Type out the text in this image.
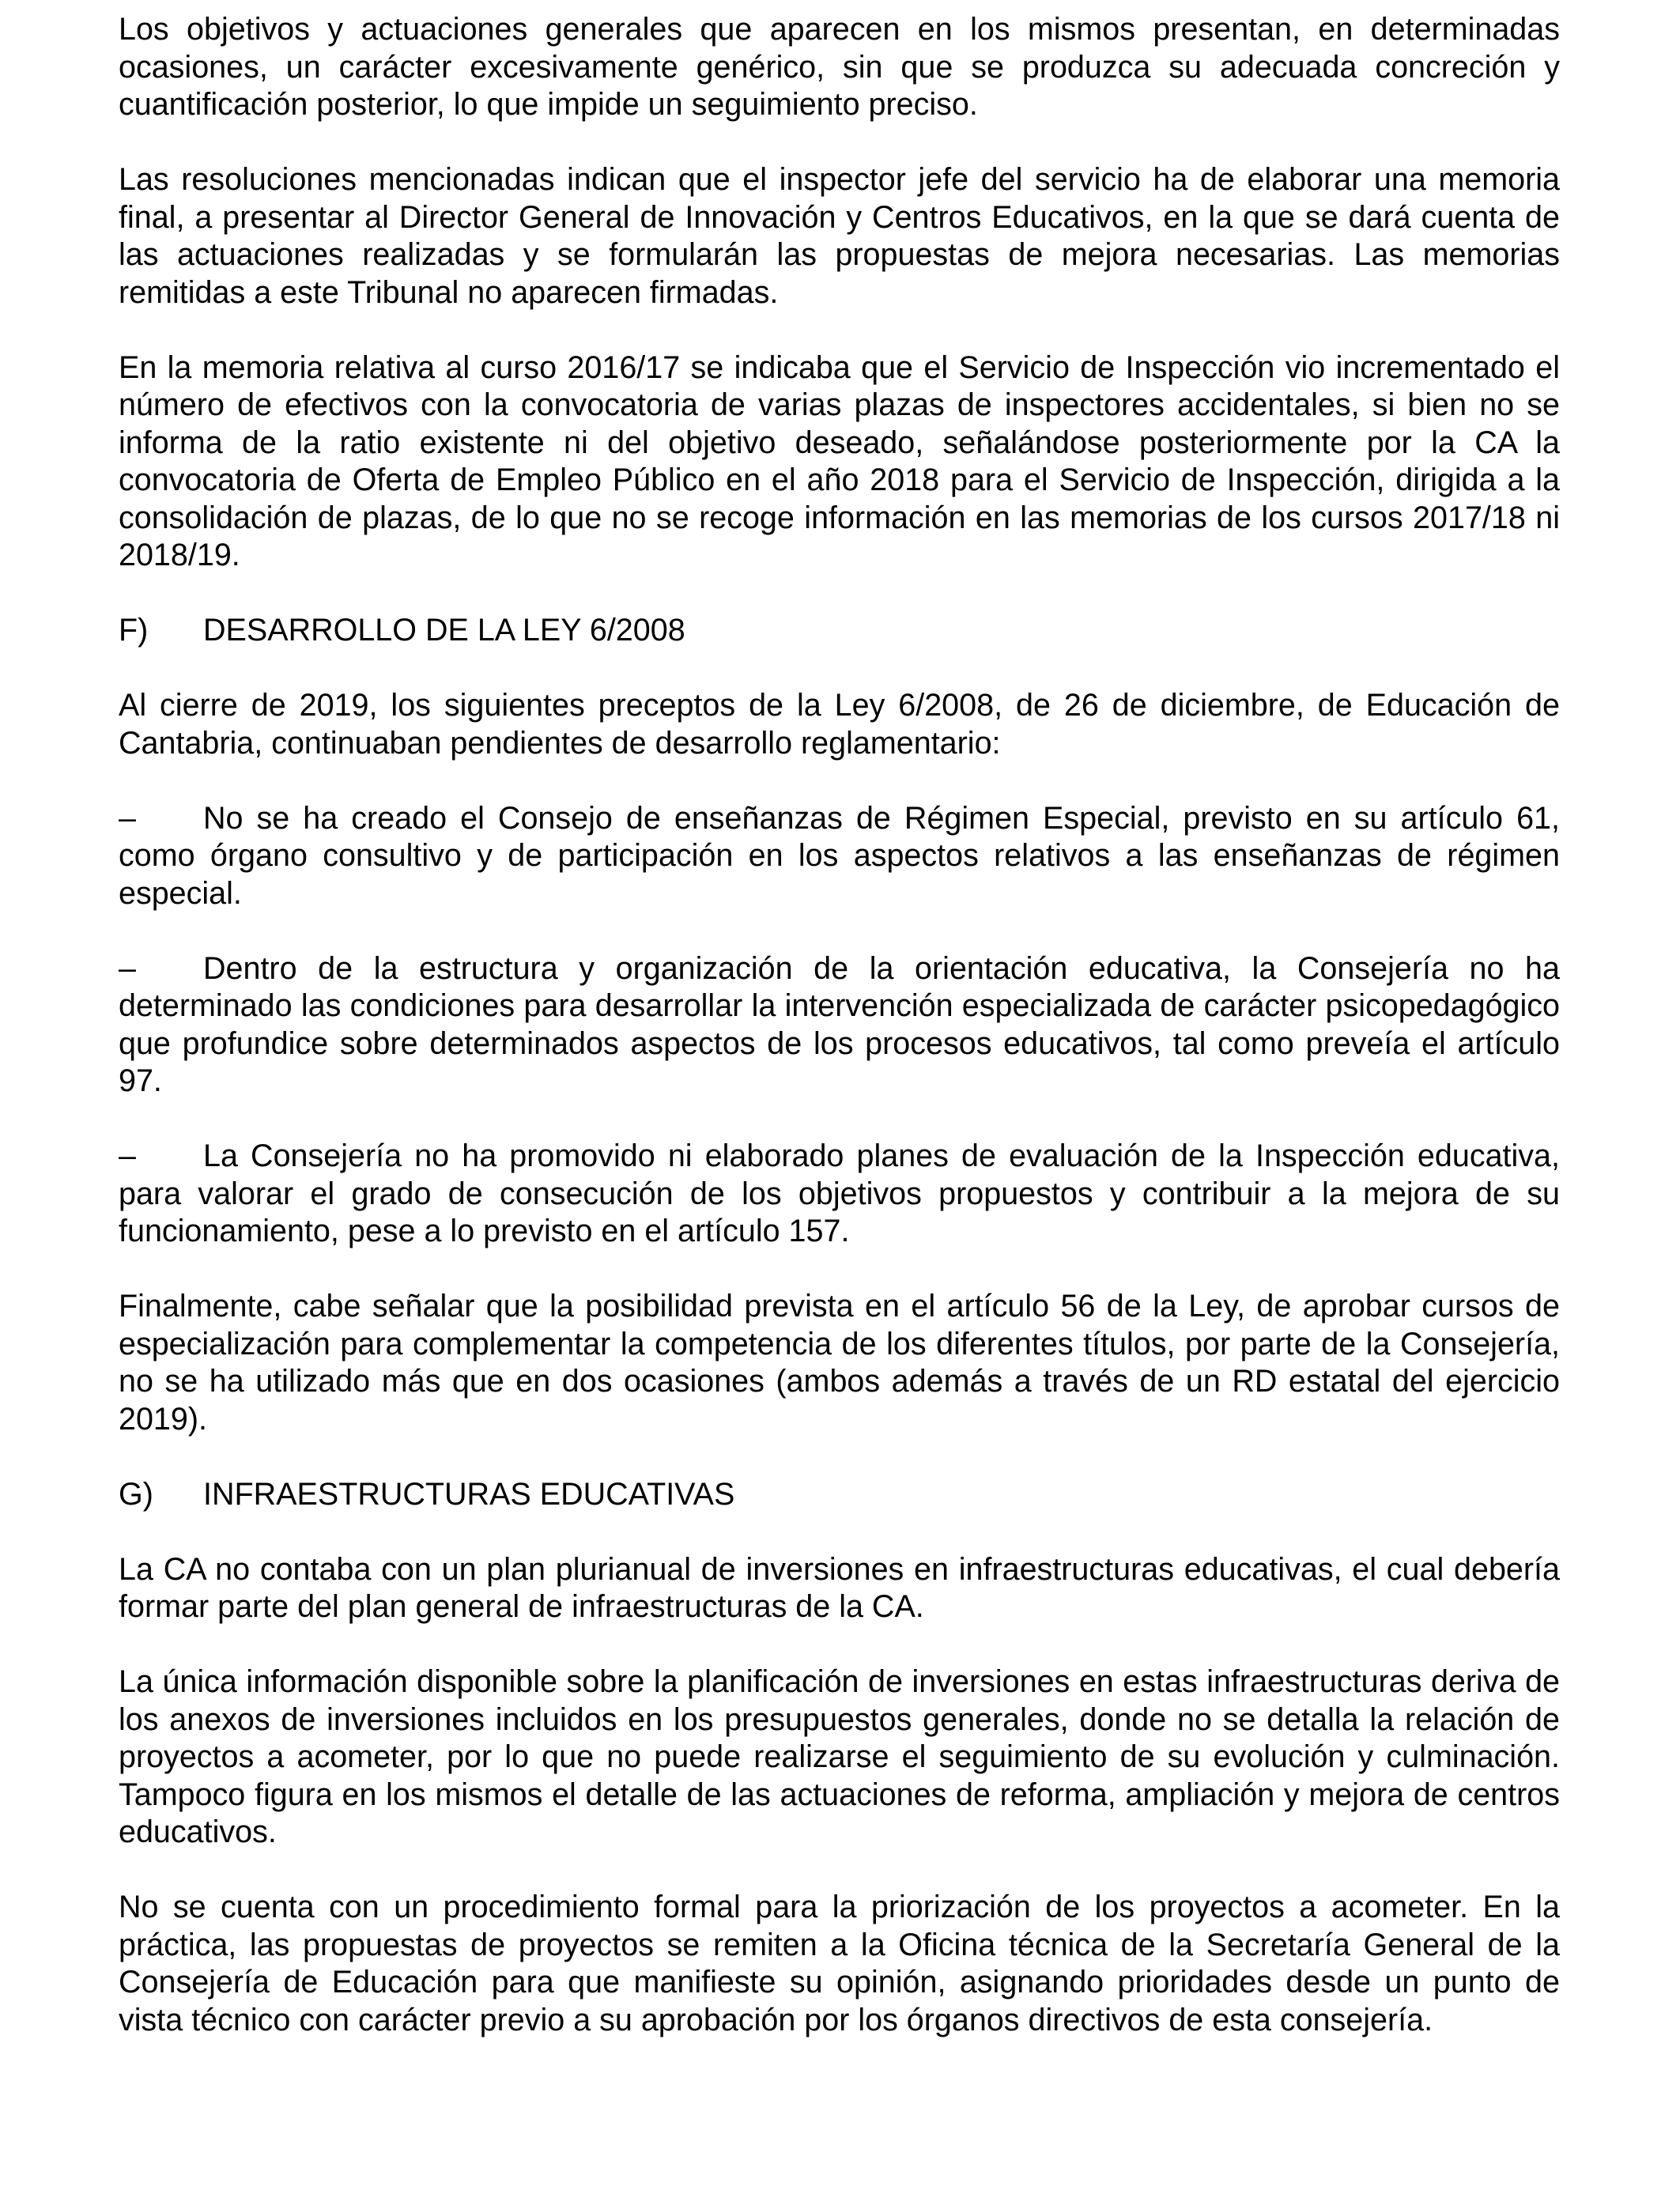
Los objetivos y actuaciones generales que aparecen en los mismos presentan, en determinadas ocasiones, un carácter excesivamente genérico, sin que se produzca su adecuada concreción y cuantificación posterior, lo que impide un seguimiento preciso.

Las resoluciones mencionadas indican que el inspector jefe del servicio ha de elaborar una memoria final, a presentar al Director General de Innovación y Centros Educativos, en la que se dará cuenta de las actuaciones realizadas y se formularán las propuestas de mejora necesarias. Las memorias remitidas a este Tribunal no aparecen firmadas.

En la memoria relativa al curso 2016/17 se indicaba que el Servicio de Inspección vio incrementado el número de efectivos con la convocatoria de varias plazas de inspectores accidentales, si bien no se informa de la ratio existente ni del objetivo deseado, señalándose posteriormente por la CA la convocatoria de Oferta de Empleo Público en el año 2018 para el Servicio de Inspección, dirigida a la consolidación de plazas, de lo que no se recoge información en las memorias de los cursos 2017/18 ni 2018/19.

F)	DESARROLLO DE LA LEY 6/2008

Al cierre de 2019, los siguientes preceptos de la Ley 6/2008, de 26 de diciembre, de Educación de Cantabria, continuaban pendientes de desarrollo reglamentario:

– No se ha creado el Consejo de enseñanzas de Régimen Especial, previsto en su artículo 61, como órgano consultivo y de participación en los aspectos relativos a las enseñanzas de régimen especial.
– Dentro de la estructura y organización de la orientación educativa, la Consejería no ha determinado las condiciones para desarrollar la intervención especializada de carácter psicopedagógico que profundice sobre determinados aspectos de los procesos educativos, tal como preveía el artículo 97.
– La Consejería no ha promovido ni elaborado planes de evaluación de la Inspección educativa, para valorar el grado de consecución de los objetivos propuestos y contribuir a la mejora de su funcionamiento, pese a lo previsto en el artículo 157.

Finalmente, cabe señalar que la posibilidad prevista en el artículo 56 de la Ley, de aprobar cursos de especialización para complementar la competencia de los diferentes títulos, por parte de la Consejería, no se ha utilizado más que en dos ocasiones (ambos además a través de un RD estatal del ejercicio 2019).

G)	INFRAESTRUCTURAS EDUCATIVAS

La CA no contaba con un plan plurianual de inversiones en infraestructuras educativas, el cual debería formar parte del plan general de infraestructuras de la CA.

La única información disponible sobre la planificación de inversiones en estas infraestructuras deriva de los anexos de inversiones incluidos en los presupuestos generales, donde no se detalla la relación de proyectos a acometer, por lo que no puede realizarse el seguimiento de su evolución y culminación. Tampoco figura en los mismos el detalle de las actuaciones de reforma, ampliación y mejora de centros educativos.

No se cuenta con un procedimiento formal para la priorización de los proyectos a acometer. En la práctica, las propuestas de proyectos se remiten a la Oficina técnica de la Secretaría General de la Consejería de Educación para que manifieste su opinión, asignando prioridades desde un punto de vista técnico con carácter previo a su aprobación por los órganos directivos de esta consejería.
